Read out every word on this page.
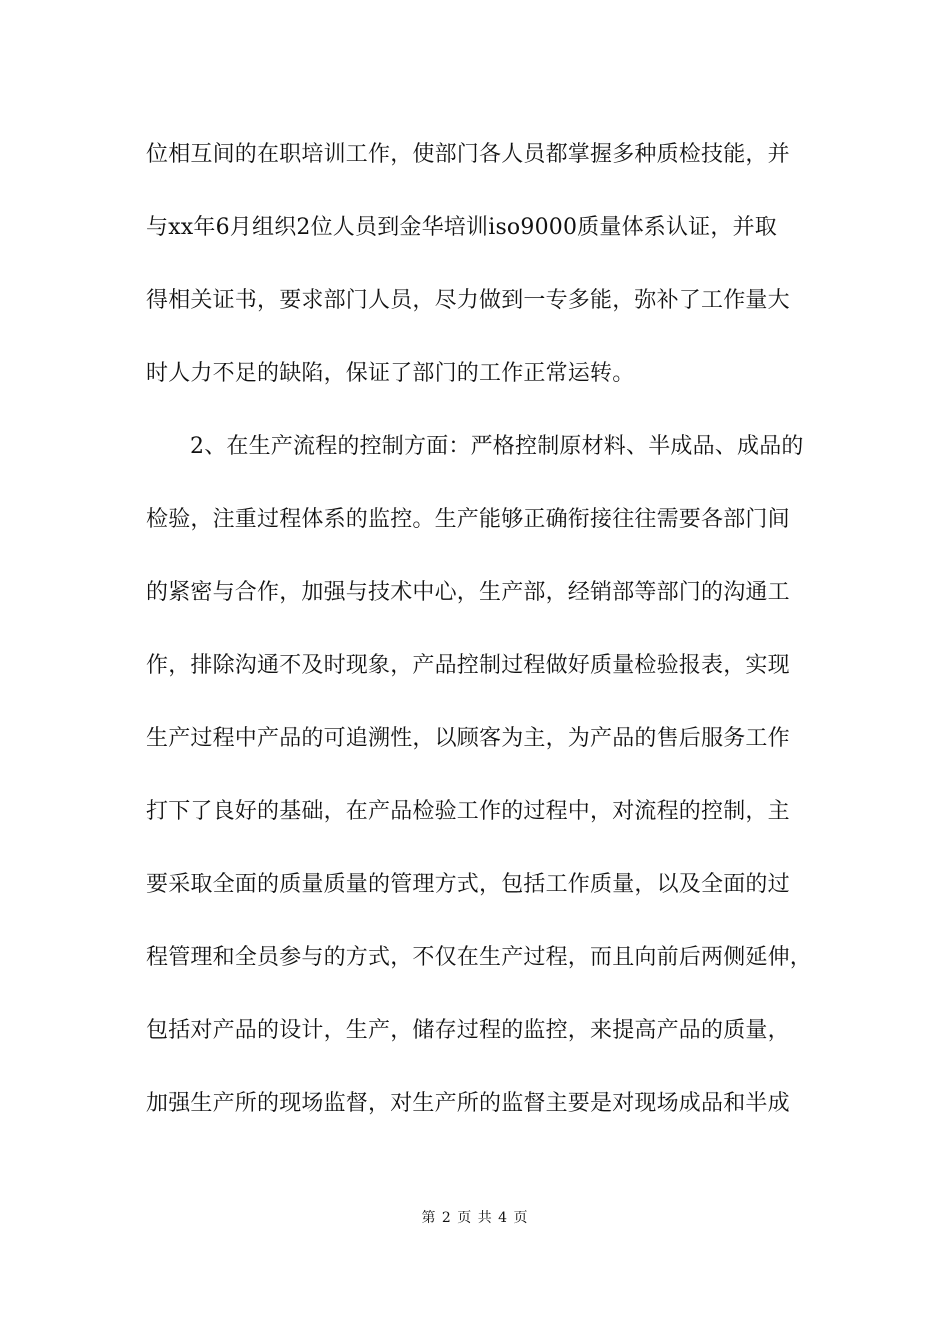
位相互间的在职培训工作，使部门各人员都掌握多种质检技能，并
与xx年6月组织2位人员到金华培训iso9000质量体系认证，并取
得相关证书，要求部门人员，尽力做到一专多能，弥补了工作量大
时人力不足的缺陷，保证了部门的工作正常运转。
2、在生产流程的控制方面：严格控制原材料、半成品、成品的
检验，注重过程体系的监控。生产能够正确衔接往往需要各部门间
的紧密与合作，加强与技术中心，生产部，经销部等部门的沟通工
作，排除沟通不及时现象，产品控制过程做好质量检验报表，实现
生产过程中产品的可追溯性，以顾客为主，为产品的售后服务工作
打下了良好的基础，在产品检验工作的过程中，对流程的控制，主
要采取全面的质量质量的管理方式，包括工作质量，以及全面的过
程管理和全员参与的方式，不仅在生产过程，而且向前后两侧延伸，
包括对产品的设计，生产，储存过程的监控，来提高产品的质量，
加强生产所的现场监督，对生产所的监督主要是对现场成品和半成
第 2 页 共 4 页
